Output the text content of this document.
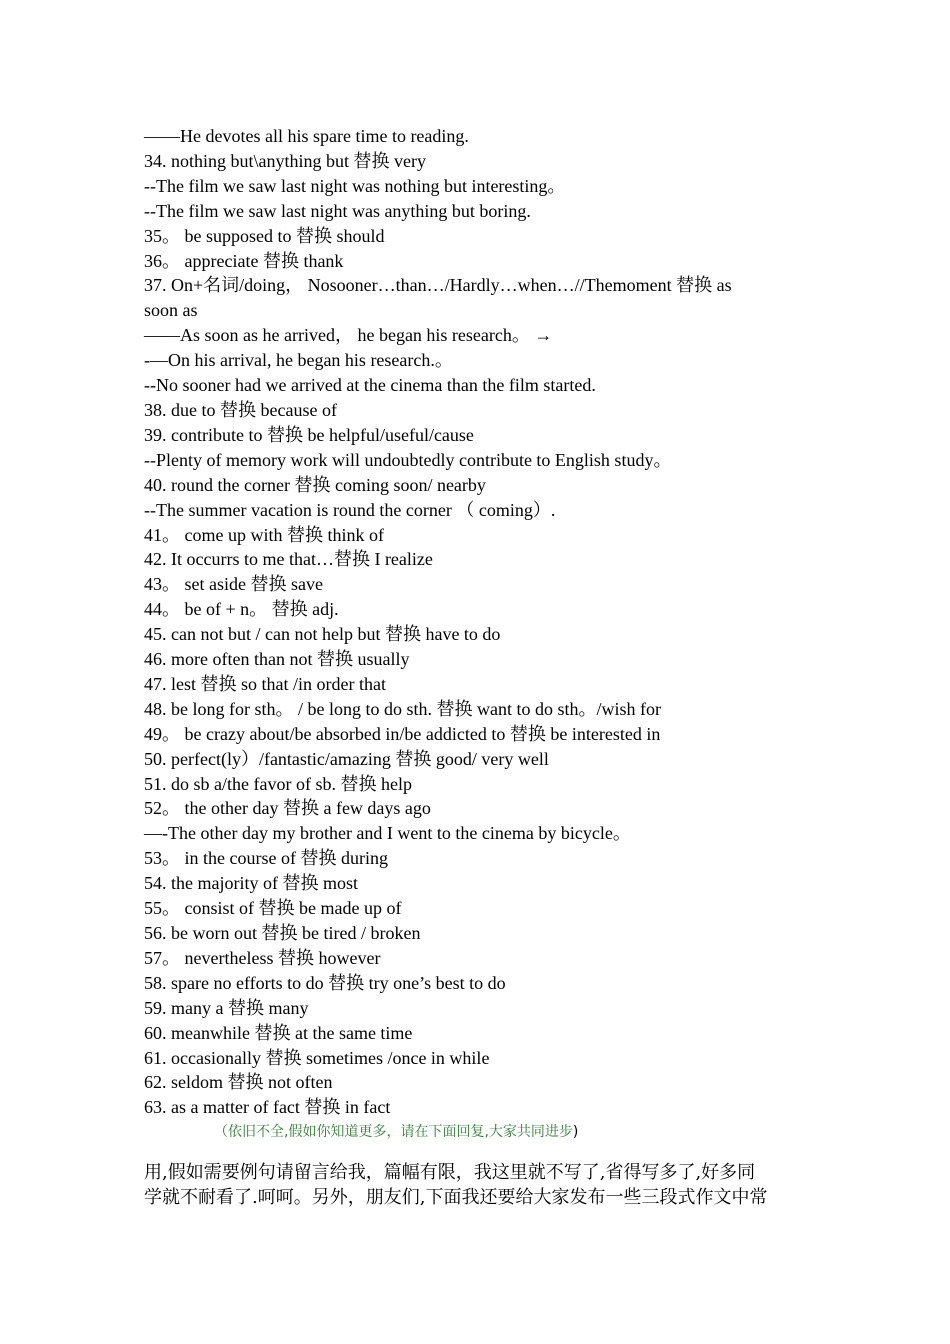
——He devotes all his spare time to reading.
34. nothing but\anything but 替换 very
--The film we saw last night was nothing but interesting。
--The film we saw last night was anything but boring.
35。 be supposed to 替换 should
36。 appreciate 替换 thank
37. On+名词/doing， Nosooner…than…/Hardly…when…//Themoment 替换 as
soon as
——As soon as he arrived， he began his research。 →
-—On his arrival, he began his research.。
--No sooner had we arrived at the cinema than the film started.
38. due to 替换 because of
39. contribute to 替换 be helpful/useful/cause
--Plenty of memory work will undoubtedly contribute to English study。
40. round the corner 替换 coming soon/ nearby
--The summer vacation is round the corner （ coming）.
41。 come up with 替换 think of
42. It occurrs to me that…替换 I realize
43。 set aside 替换 save
44。 be of + n。 替换 adj.
45. can not but / can not help but 替换 have to do
46. more often than not 替换 usually
47. lest 替换 so that /in order that
48. be long for sth。 / be long to do sth. 替换 want to do sth。/wish for
49。 be crazy about/be absorbed in/be addicted to 替换 be interested in
50. perfect(ly）/fantastic/amazing 替换 good/ very well
51. do sb a/the favor of sb. 替换 help
52。 the other day 替换 a few days ago
—-The other day my brother and I went to the cinema by bicycle。
53。 in the course of 替换 during
54. the majority of 替换 most
55。 consist of 替换 be made up of
56. be worn out 替换 be tired / broken
57。 nevertheless 替换 however
58. spare no efforts to do 替换 try one’s best to do
59. many a 替换 many
60. meanwhile 替换 at the same time
61. occasionally 替换 sometimes /once in while
62. seldom 替换 not often
63. as a matter of fact 替换 in fact
（依旧不全,假如你知道更多，请在下面回复,大家共同进步)
用,假如需要例句请留言给我，篇幅有限，我这里就不写了,省得写多了,好多同
学就不耐看了.呵呵。另外，朋友们,下面我还要给大家发布一些三段式作文中常
